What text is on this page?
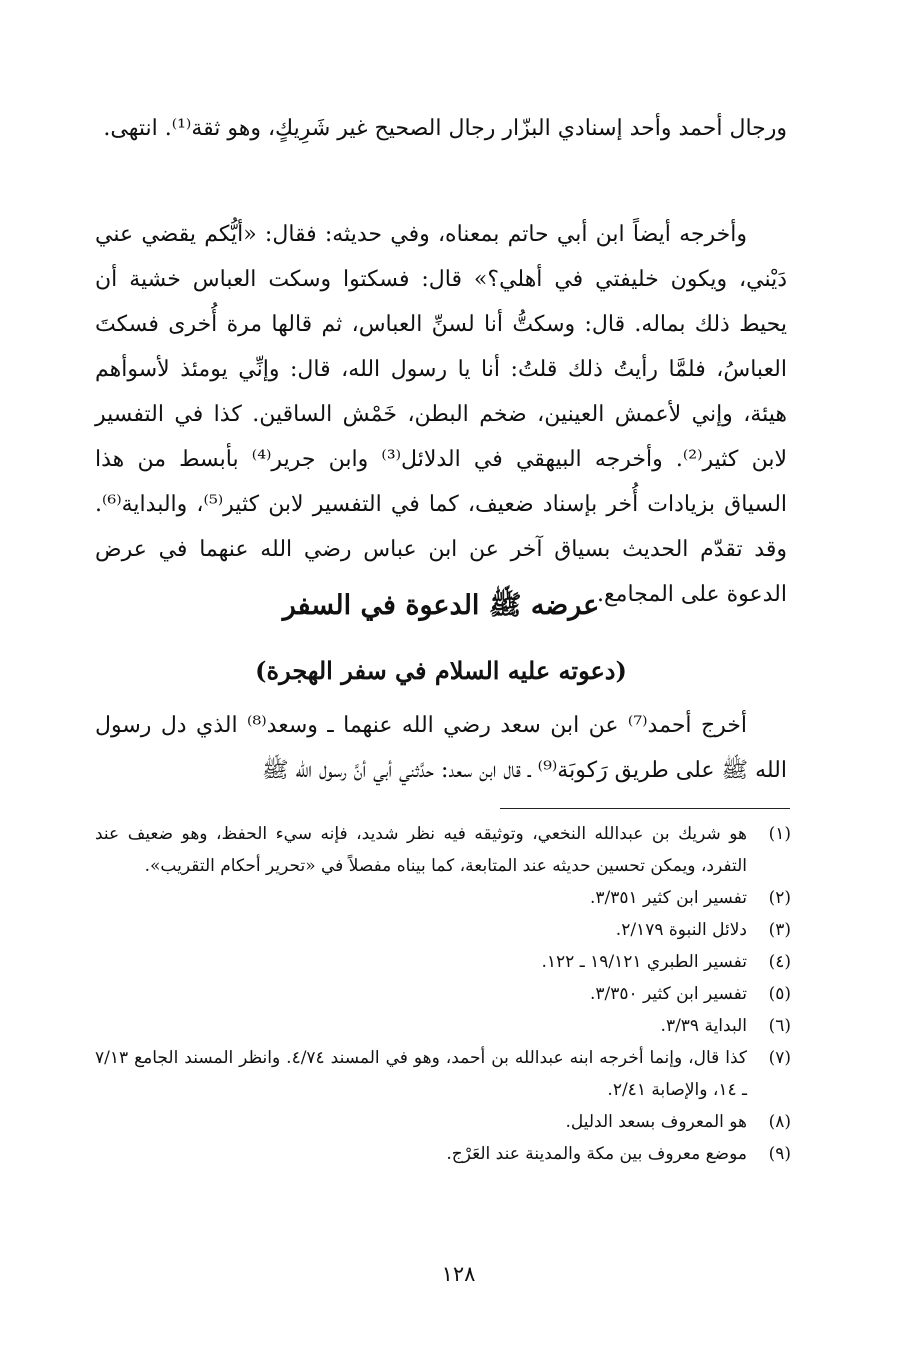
ورجال أحمد وأحد إسنادي البزّار رجال الصحيح غير شَرِيكٍ، وهو ثقة⁽¹⁾. انتهى.

وأخرجه أيضاً ابن أبي حاتم بمعناه، وفي حديثه: فقال: «أيُّكم يقضي عني دَيْني، ويكون خليفتي في أهلي؟» قال: فسكتوا وسكت العباس خشية أن يحيط ذلك بماله. قال: وسكتُّ أنا لسنِّ العباس، ثم قالها مرة أُخرى فسكتَ العباسُ، فلمَّا رأيتُ ذلك قلتُ: أنا يا رسول الله، قال: وإنِّي يومئذ لأسوأهم هيئة، وإني لأعمش العينين، ضخم البطن، خَمْش الساقين. كذا في التفسير لابن كثير⁽²⁾. وأخرجه البيهقي في الدلائل⁽³⁾ وابن جرير⁽⁴⁾ بأبسط من هذا السياق بزيادات أُخر بإسناد ضعيف، كما في التفسير لابن كثير⁽⁵⁾، والبداية⁽⁶⁾. وقد تقدّم الحديث بسياق آخر عن ابن عباس رضي الله عنهما في عرض الدعوة على المجامع.

عرضه ﷺ الدعوة في السفر
(دعوته عليه السلام في سفر الهجرة)

أخرج أحمد⁽⁷⁾ عن ابن سعد رضي الله عنهما ـ وسعد⁽⁸⁾ الذي دل رسول الله ﷺ على طريق رَكوبَة⁽⁹⁾ ـ قال ابن سعد: حدَّثني أبي أنَّ رسول الله ﷺ

(١)
هو شريك بن عبدالله النخعي، وتوثيقه فيه نظر شديد، فإنه سيء الحفظ، وهو ضعيف عند التفرد، ويمكن تحسين حديثه عند المتابعة، كما بيناه مفصلاً في «تحرير أحكام التقريب».
(٢)
تفسير ابن كثير ٣/٣٥١.
(٣)
دلائل النبوة ٢/١٧٩.
(٤)
تفسير الطبري ١٩/١٢١ ـ ١٢٢.
(٥)
تفسير ابن كثير ٣/٣٥٠.
(٦)
البداية ٣/٣٩.
(٧)
كذا قال، وإنما أخرجه ابنه عبدالله بن أحمد، وهو في المسند ٤/٧٤. وانظر المسند الجامع ٧/١٣ ـ ١٤، والإصابة ٢/٤١.
(٨)
هو المعروف بسعد الدليل.
(٩)
موضع معروف بين مكة والمدينة عند العَرْج.
١٢٨
